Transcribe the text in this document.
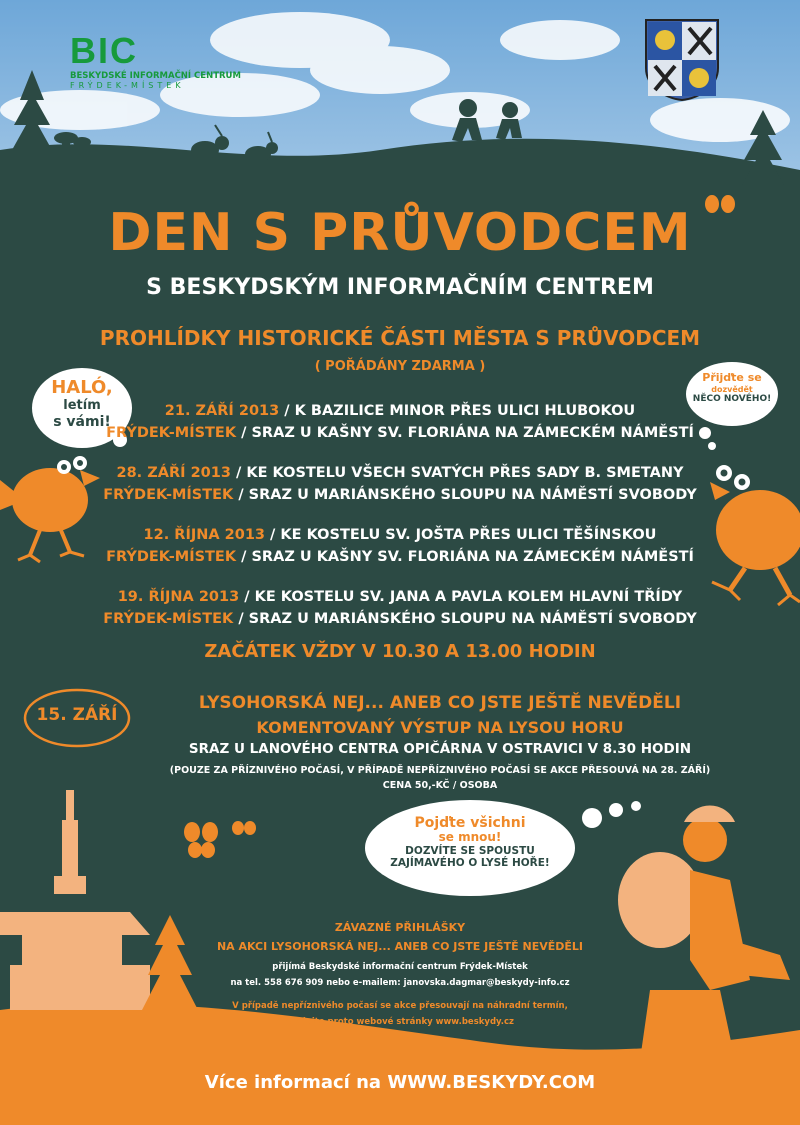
BIC
BESKYDSKÉ INFORMAČNÍ CENTRUM
FRÝDEK-MÍSTEK
DEN S PRŮVODCEM
S BESKYDSKÝM INFORMAČNÍM CENTREM
PROHLÍDKY HISTORICKÉ ČÁSTI MĚSTA S PRŮVODCEM
( POŘÁDÁNY ZDARMA )
21. ZÁŘÍ 2013 / K BAZILICE MINOR PŘES ULICI HLUBOKOU
FRÝDEK-MÍSTEK / SRAZ U KAŠNY SV. FLORIÁNA NA ZÁMECKÉM NÁMĚSTÍ
28. ZÁŘÍ 2013 / KE KOSTELU VŠECH SVATÝCH PŘES SADY B. SMETANY
FRÝDEK-MÍSTEK / SRAZ U MARIÁNSKÉHO SLOUPU NA NÁMĚSTÍ SVOBODY
12. ŘÍJNA 2013 / KE KOSTELU SV. JOŠTA PŘES ULICI TĚŠÍNSKOU
FRÝDEK-MÍSTEK / SRAZ U KAŠNY SV. FLORIÁNA NA ZÁMECKÉM NÁMĚSTÍ
19. ŘÍJNA 2013 / KE KOSTELU SV. JANA A PAVLA KOLEM HLAVNÍ TŘÍDY
FRÝDEK-MÍSTEK / SRAZ U MARIÁNSKÉHO SLOUPU NA NÁMĚSTÍ SVOBODY
ZAČÁTEK VŽDY V 10.30 A 13.00 HODIN
15. ZÁŘÍ
LYSOHORSKÁ NEJ... ANEB CO JSTE JEŠTĚ NEVĚDĚLI
KOMENTOVANÝ VÝSTUP NA LYSOU HORU
SRAZ U LANOVÉHO CENTRA OPIČÁRNA V OSTRAVICI V 8.30 HODIN
(POUZE ZA PŘÍZNIVÉHO POČASÍ, V PŘÍPADĚ NEPŘÍZNIVÉHO POČASÍ SE AKCE PŘESOUVÁ NA 28. ZÁŘÍ)
CENA 50,-KČ / OSOBA
HALÓ,
letím
s vámi!
Přijďte se
dozvědět
NĚCO NOVÉHO!
Pojďte všichni
se mnou!
DOZVÍTE SE SPOUSTU
ZAJÍMAVÉHO O LYSÉ HOŘE!
ZÁVAZNÉ PŘIHLÁŠKY
NA AKCI LYSOHORSKÁ NEJ... ANEB CO JSTE JEŠTĚ NEVĚDĚLI
přijímá Beskydské informační centrum Frýdek-Místek
na tel. 558 676 909 nebo e-mailem: janovska.dagmar@beskydy-info.cz
V případě nepříznivého počasí se akce přesouvají na náhradní termín,
sledujte proto webové stránky www.beskydy.cz
Více informací na WWW.BESKYDY.COM
